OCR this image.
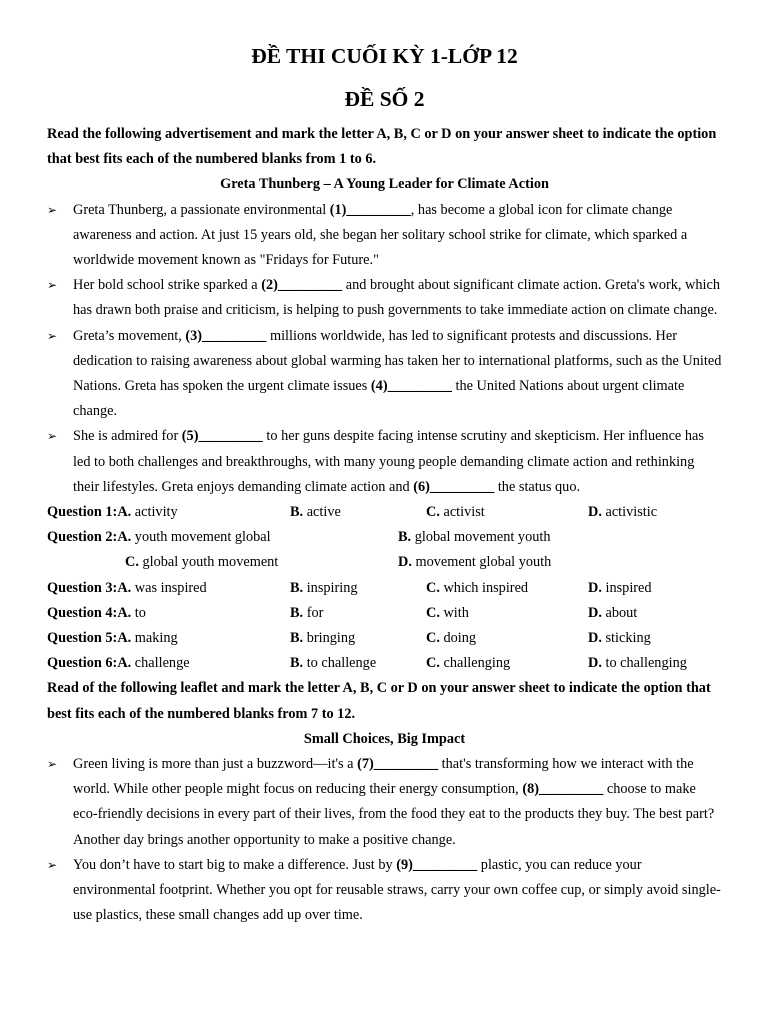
ĐỀ THI CUỐI KỲ 1-LỚP 12
ĐỀ SỐ 2
Read the following advertisement and mark the letter A, B, C or D on your answer sheet to indicate the option that best fits each of the numbered blanks from 1 to 6.
Greta Thunberg – A Young Leader for Climate Action
➢ Greta Thunberg, a passionate environmental (1)_________, has become a global icon for climate change awareness and action. At just 15 years old, she began her solitary school strike for climate, which sparked a worldwide movement known as "Fridays for Future."
➢ Her bold school strike sparked a (2)_________ and brought about significant climate action. Greta's work, which has drawn both praise and criticism, is helping to push governments to take immediate action on climate change.
➢ Greta’s movement, (3)_________ millions worldwide, has led to significant protests and discussions. Her dedication to raising awareness about global warming has taken her to international platforms, such as the United Nations. Greta has spoken the urgent climate issues (4)_________ the United Nations about urgent climate change.
➢ She is admired for (5)_________ to her guns despite facing intense scrutiny and skepticism. Her influence has led to both challenges and breakthroughs, with many young people demanding climate action and rethinking their lifestyles. Greta enjoys demanding climate action and (6)_________ the status quo.
Question 1:A. activity	B. active	C. activist	D. activistic
Question 2:A. youth movement global	B. global movement youth
C. global youth movement	D. movement global youth
Question 3:A. was inspired	B. inspiring	C. which inspired	D. inspired
Question 4:A. to	B. for	C. with	D. about
Question 5:A. making	B. bringing	C. doing	D. sticking
Question 6:A. challenge	B. to challenge	C. challenging	D. to challenging
Read of the following leaflet and mark the letter A, B, C or D on your answer sheet to indicate the option that best fits each of the numbered blanks from 7 to 12.
Small Choices, Big Impact
➢ Green living is more than just a buzzword—it's a (7)_________ that's transforming how we interact with the world. While other people might focus on reducing their energy consumption, (8)_________ choose to make eco-friendly decisions in every part of their lives, from the food they eat to the products they buy. The best part? Another day brings another opportunity to make a positive change.
➢ You don’t have to start big to make a difference. Just by (9)_________ plastic, you can reduce your environmental footprint. Whether you opt for reusable straws, carry your own coffee cup, or simply avoid single-use plastics, these small changes add up over time.
